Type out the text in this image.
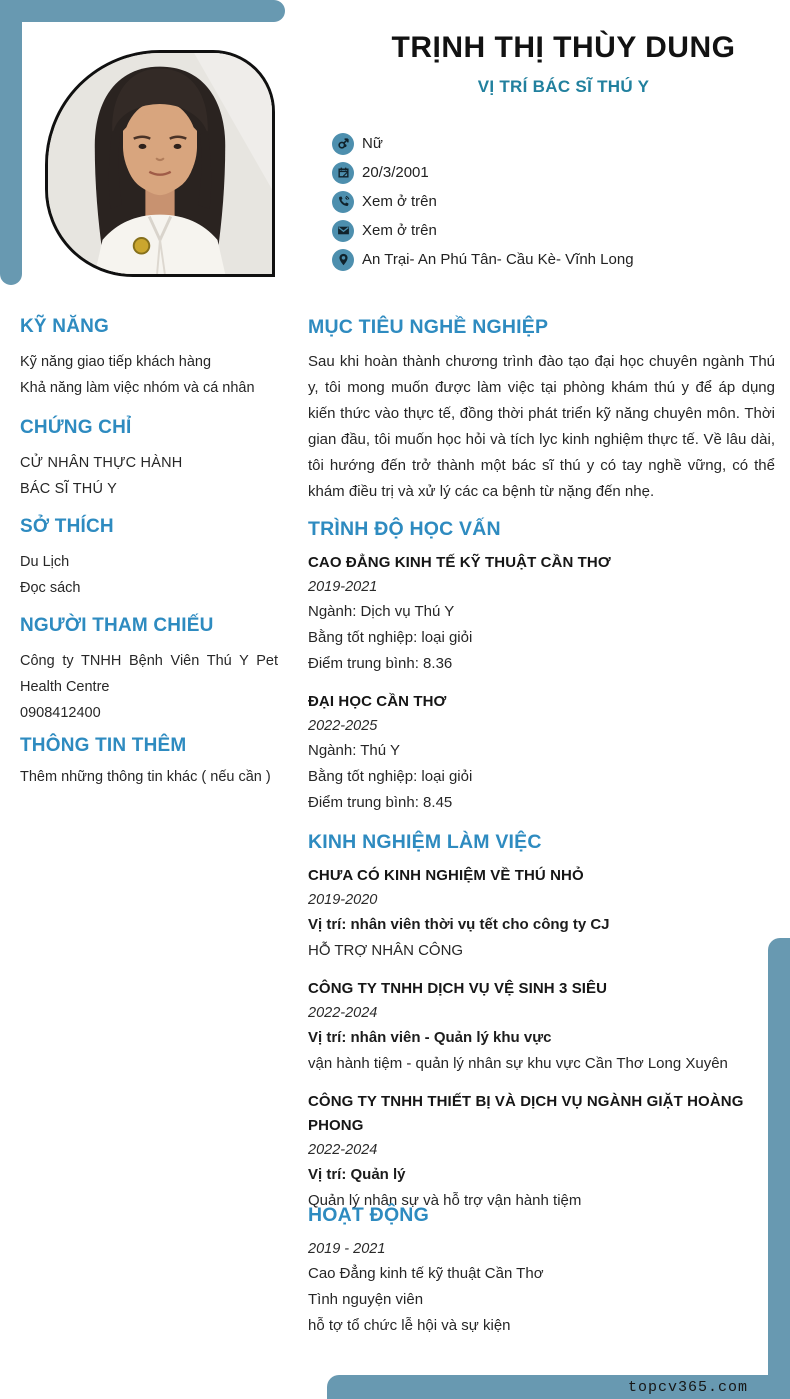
TRỊNH THỊ THÙY DUNG
VỊ TRÍ BÁC SĨ THÚ Y
Nữ
20/3/2001
Xem ở trên
Xem ở trên
An Trại- An Phú Tân- Cầu Kè- Vĩnh Long
KỸ NĂNG
Kỹ năng giao tiếp khách hàng
Khả năng làm việc nhóm và cá nhân
CHỨNG CHỈ
CỬ NHÂN THỰC HÀNH
BÁC SĨ THÚ Y
SỞ THÍCH
Du Lịch
Đọc sách
NGƯỜI THAM CHIẾU
Công ty TNHH Bệnh Viên Thú Y Pet Health Centre
0908412400
THÔNG TIN THÊM
Thêm những thông tin khác ( nếu cần )
MỤC TIÊU NGHỀ NGHIỆP

Sau khi hoàn thành chương trình đào tạo đại học chuyên ngành Thú y, tôi mong muốn được làm việc tại phòng khám thú y để áp dụng kiến thức vào thực tế, đồng thời phát triển kỹ năng chuyên môn. Thời gian đầu, tôi muốn học hỏi và tích lyc kinh nghiệm thực tế. Về lâu dài, tôi hướng đến trở thành một bác sĩ thú y có tay nghề vững, có thể khám điều trị và xử lý các ca bệnh từ nặng đến nhẹ.

TRÌNH ĐỘ HỌC VẤN
CAO ĐẲNG KINH TẾ KỸ THUẬT CẦN THƠ
2019-2021
Ngành: Dịch vụ Thú Y
Bằng tốt nghiệp: loại giỏi
Điểm trung bình: 8.36
ĐẠI HỌC CẦN THƠ
2022-2025
Ngành: Thú Y
Bằng tốt nghiệp: loại giỏi
Điểm trung bình: 8.45
KINH NGHIỆM LÀM VIỆC
CHƯA CÓ KINH NGHIỆM VỀ THÚ NHỎ
2019-2020
Vị trí: nhân viên thời vụ tết cho công ty CJ
HỖ TRỢ NHÂN CÔNG
CÔNG TY TNHH DỊCH VỤ VỆ SINH 3 SIÊU
2022-2024
Vị trí: nhân viên - Quản lý khu vực
vận hành tiệm - quản lý nhân sự khu vực Cần Thơ Long Xuyên
CÔNG TY TNHH THIẾT BỊ VÀ DỊCH VỤ NGÀNH GIẶT HOÀNG PHONG
2022-2024
Vị trí: Quản lý
Quản lý nhân sự và hỗ trợ vận hành tiệm
HOẠT ĐỘNG
2019 - 2021
Cao Đẳng kinh tế kỹ thuật Cần Thơ
Tình nguyện viên
hỗ tợ tổ chức lễ hội và sự kiện
topcv365.com
